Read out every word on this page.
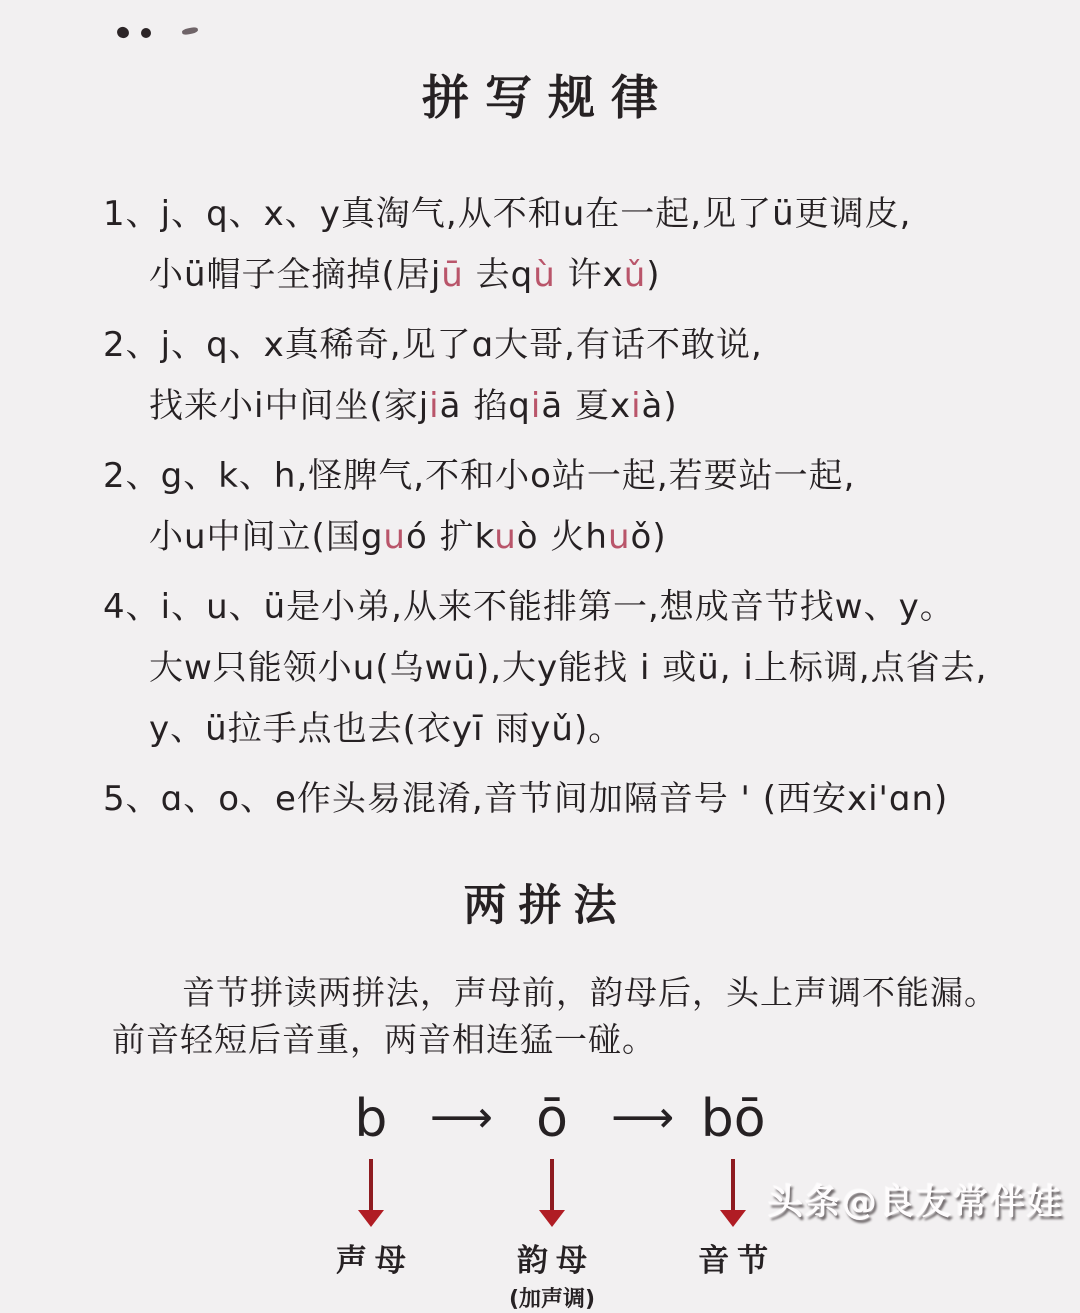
拼写规律
1、j、q、x、y真淘气,从不和u在一起,见了ü更调皮,
小ü帽子全摘掉(居jū 去qù 许xǔ)
2、j、q、x真稀奇,见了ɑ大哥,有话不敢说,
找来小i中间坐(家jiā 掐qiā 夏xià)
2、g、k、h,怪脾气,不和小o站一起,若要站一起,
小u中间立(国guó 扩kuò 火huǒ)
4、i、u、ü是小弟,从来不能排第一,想成音节找w、y。
大w只能领小u(乌wū),大y能找 i 或ü, i上标调,点省去,
y、ü拉手点也去(衣yī 雨yǔ)。
5、ɑ、o、e作头易混淆,音节间加隔音号 ' (西安xi'ɑn)
两拼法
音节拼读两拼法，声母前，韵母后，头上声调不能漏。
前音轻短后音重，两音相连猛一碰。
b
声母
⟶ ō
韵母
(加声调)
⟶ bō
音节
头条@良友常伴娃
